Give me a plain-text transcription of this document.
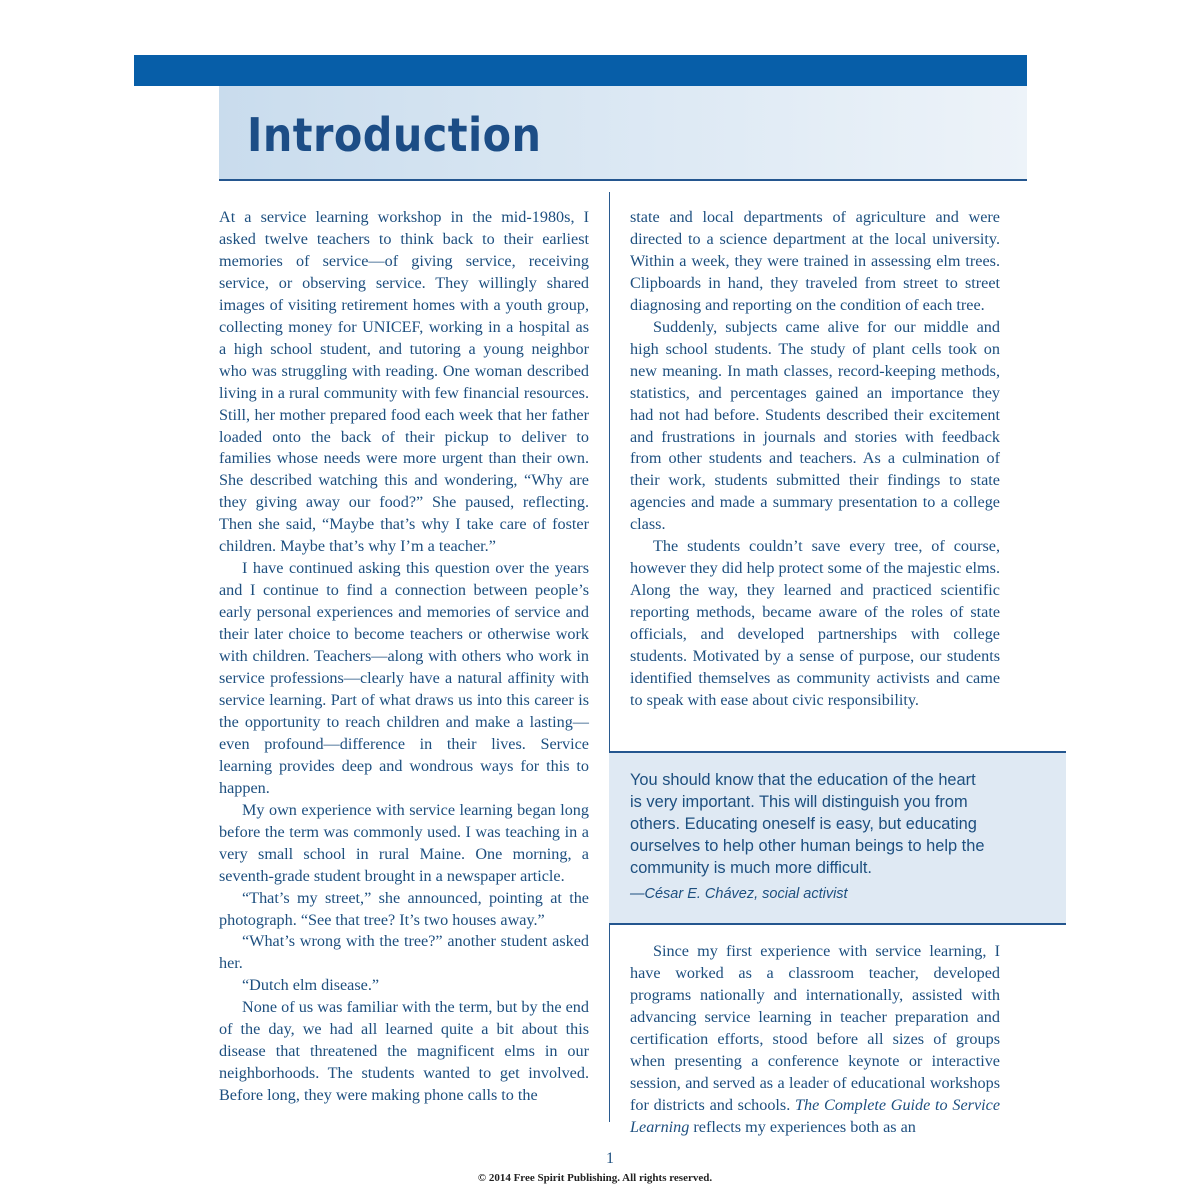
Introduction

At a service learning workshop in the mid-1980s, I asked twelve teachers to think back to their earliest memories of service—of giving service, receiving service, or observing service. They willingly shared images of visiting retirement homes with a youth group, collecting money for UNICEF, working in a hospital as a high school student, and tutoring a young neighbor who was struggling with reading. One woman described living in a rural community with few financial resources. Still, her mother prepared food each week that her father loaded onto the back of their pickup to deliver to families whose needs were more urgent than their own. She described watching this and wondering, “Why are they giving away our food?” She paused, reflecting. Then she said, “Maybe that’s why I take care of foster children. Maybe that’s why I’m a teacher.”

I have continued asking this question over the years and I continue to find a connection between people’s early personal experiences and memories of service and their later choice to become teachers or otherwise work with children. Teachers—along with others who work in service professions—clearly have a natural affinity with service learning. Part of what draws us into this career is the opportunity to reach children and make a lasting—even profound—difference in their lives. Service learning provides deep and wondrous ways for this to happen.

My own experience with service learning began long before the term was commonly used. I was teaching in a very small school in rural Maine. One morning, a seventh-grade student brought in a newspaper article.

“That’s my street,” she announced, pointing at the photograph. “See that tree? It’s two houses away.”

“What’s wrong with the tree?” another student asked her.

“Dutch elm disease.”

None of us was familiar with the term, but by the end of the day, we had all learned quite a bit about this disease that threatened the magnificent elms in our neighborhoods. The students wanted to get involved. Before long, they were making phone calls to the

state and local departments of agriculture and were directed to a science department at the local university. Within a week, they were trained in assessing elm trees. Clipboards in hand, they traveled from street to street diagnosing and reporting on the condition of each tree.

Suddenly, subjects came alive for our middle and high school students. The study of plant cells took on new meaning. In math classes, record-keeping methods, statistics, and percentages gained an importance they had not had before. Students described their excitement and frustrations in journals and stories with feedback from other students and teachers. As a culmination of their work, students submitted their findings to state agencies and made a summary presentation to a college class.

The students couldn’t save every tree, of course, however they did help protect some of the majestic elms. Along the way, they learned and practiced scientific reporting methods, became aware of the roles of state officials, and developed partnerships with college students. Motivated by a sense of purpose, our students identified themselves as community activists and came to speak with ease about civic responsibility.

You should know that the education of the heart is very important. This will distinguish you from others. Educating oneself is easy, but educating ourselves to help other human beings to help the community is much more difficult.

—César E. Chávez, social activist

Since my first experience with service learning, I have worked as a classroom teacher, developed programs nationally and internationally, assisted with advancing service learning in teacher preparation and certification efforts, stood before all sizes of groups when presenting a conference keynote or interactive session, and served as a leader of educational workshops for districts and schools. The Complete Guide to Service Learning reflects my experiences both as an

1
© 2014 Free Spirit Publishing. All rights reserved.
